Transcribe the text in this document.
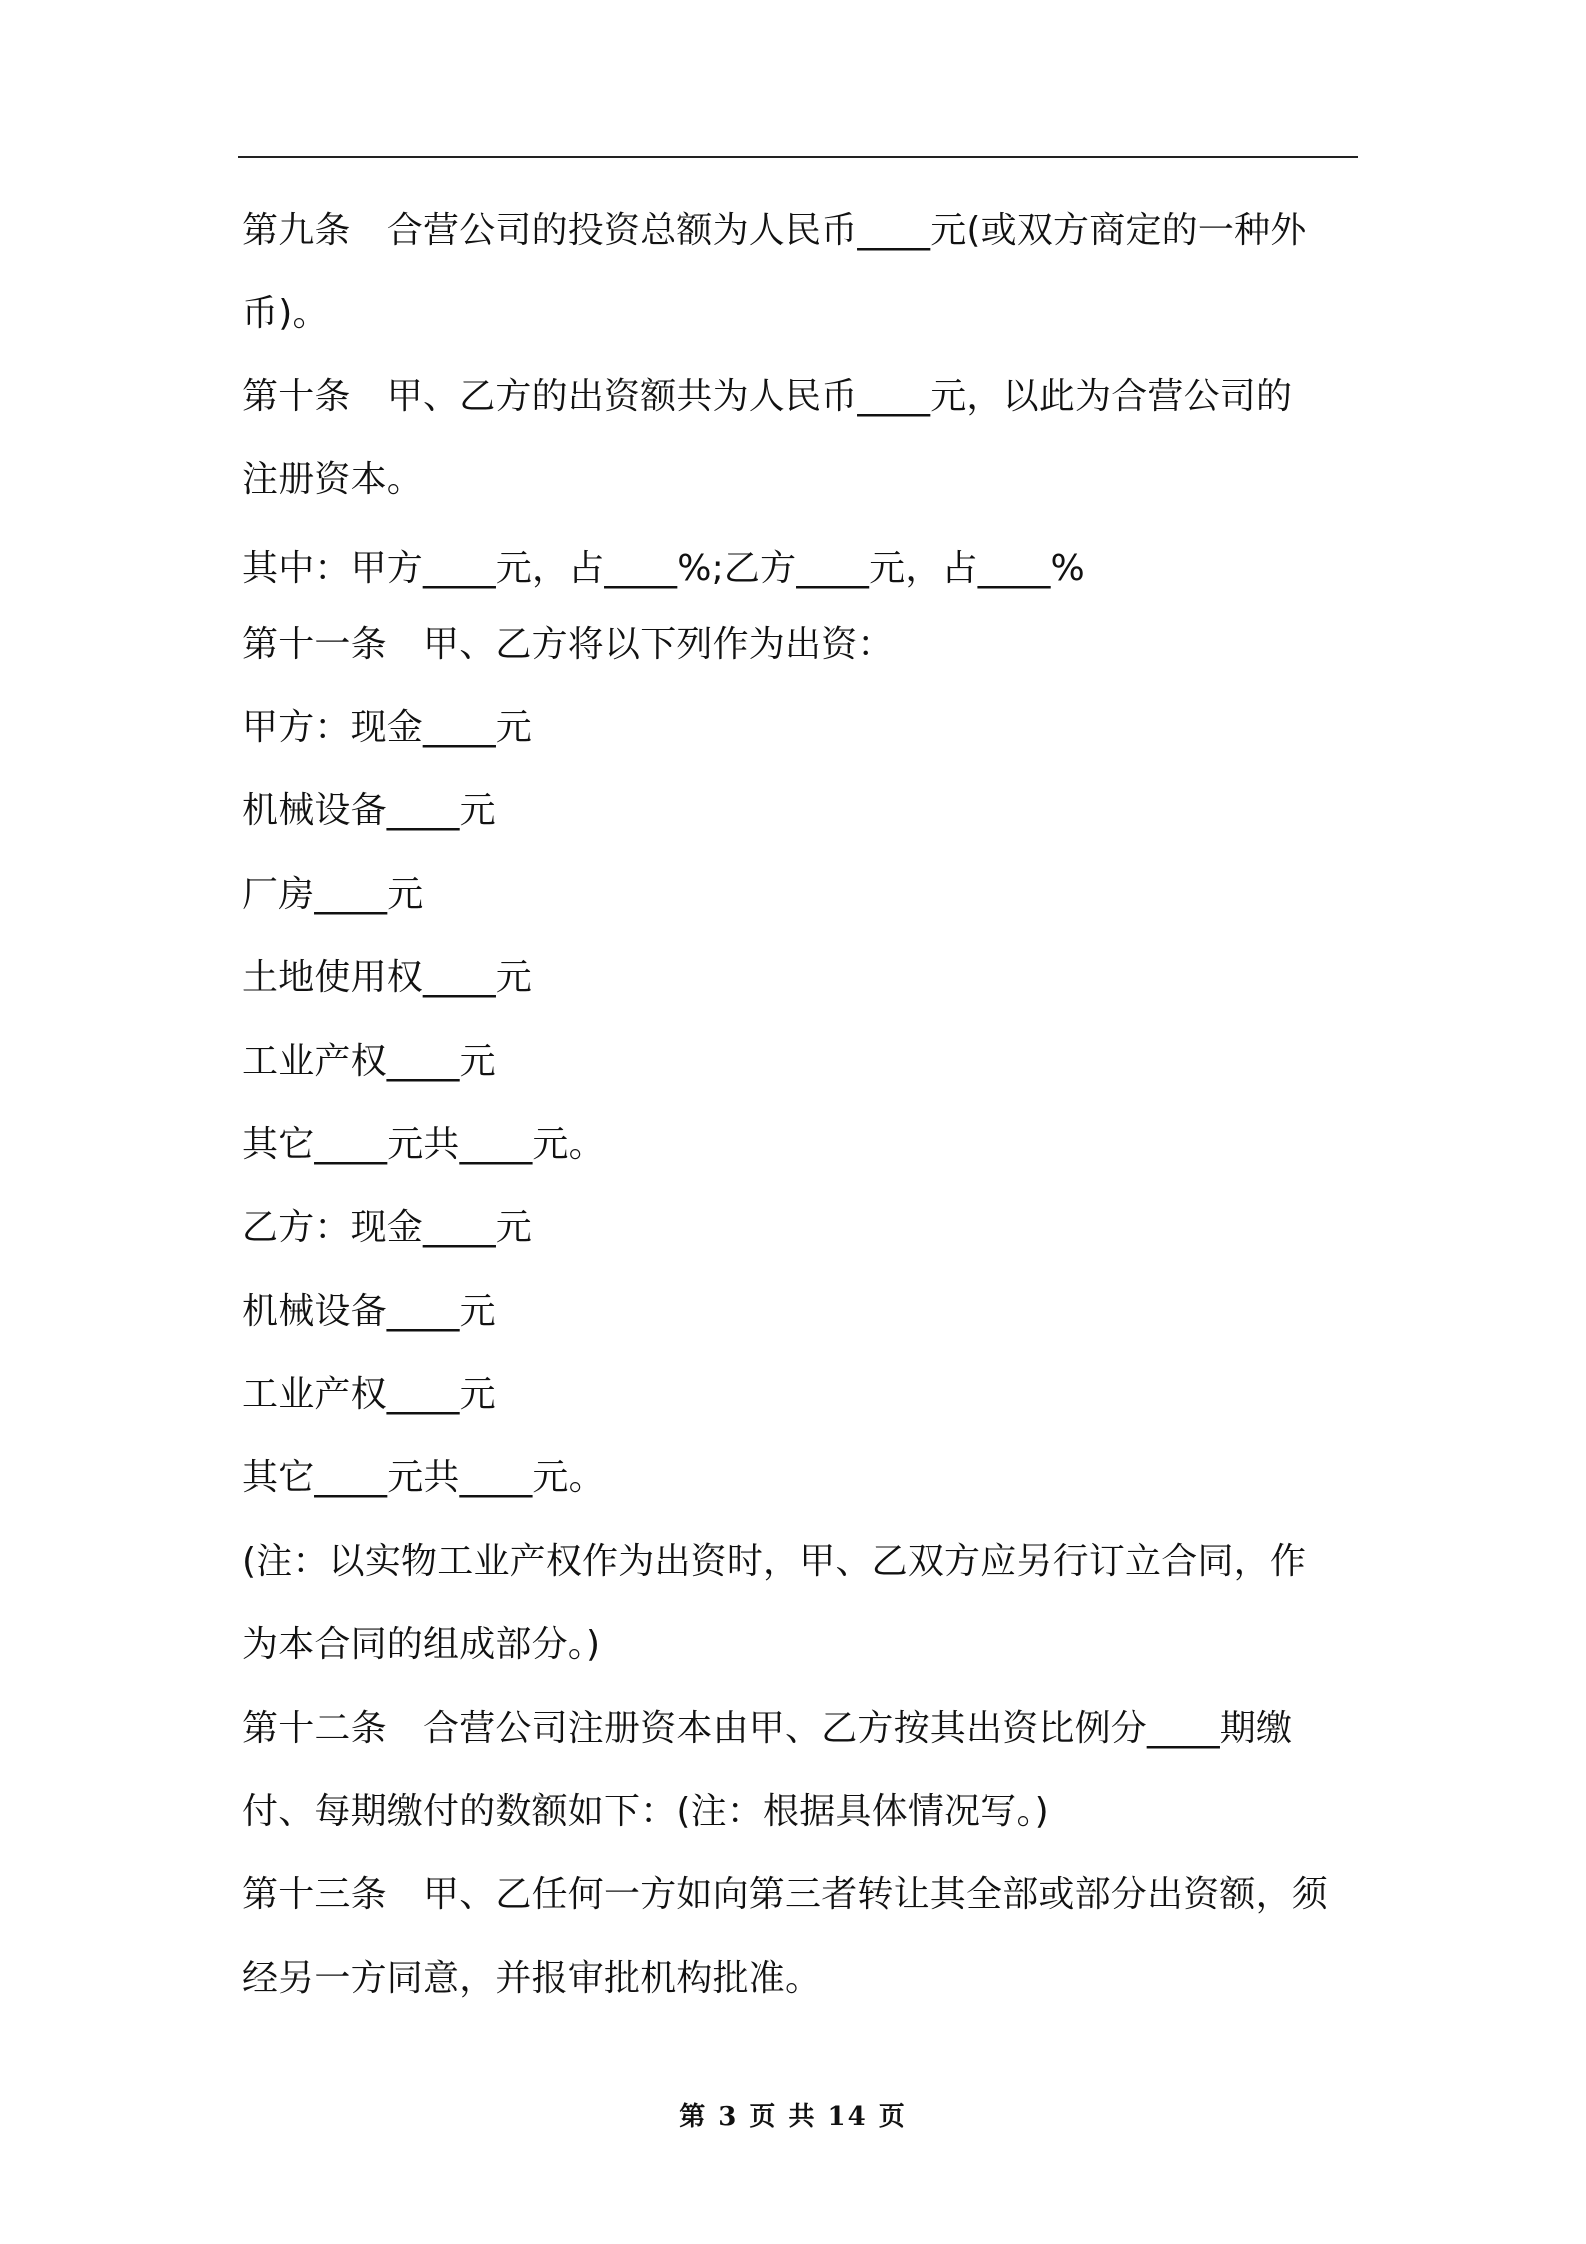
第九条　合营公司的投资总额为人民币____元(或双方商定的一种外
币)。
第十条　甲、乙方的出资额共为人民币____元，以此为合营公司的
注册资本。
其中：甲方____元，占____%;乙方____元，占____%
第十一条　甲、乙方将以下列作为出资：
甲方：现金____元
机械设备____元
厂房____元
土地使用权____元
工业产权____元
其它____元共____元。
乙方：现金____元
机械设备____元
工业产权____元
其它____元共____元。
(注：以实物工业产权作为出资时，甲、乙双方应另行订立合同，作
为本合同的组成部分。)
第十二条　合营公司注册资本由甲、乙方按其出资比例分____期缴
付、每期缴付的数额如下：(注：根据具体情况写。)
第十三条　甲、乙任何一方如向第三者转让其全部或部分出资额，须
经另一方同意，并报审批机构批准。
第 3 页 共 14 页
